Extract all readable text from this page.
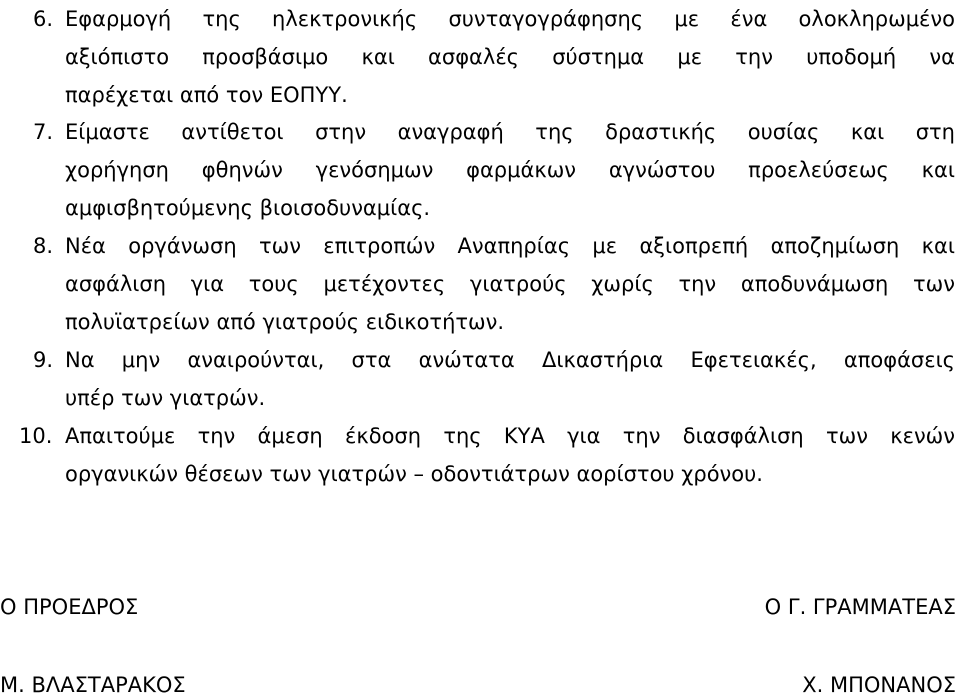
6. Εφαρμογή της ηλεκτρονικής συνταγογράφησης με ένα ολοκληρωμένο
αξιόπιστο προσβάσιμο και ασφαλές σύστημα με την υποδομή να
παρέχεται από τον ΕΟΠΥΥ.
7. Είμαστε αντίθετοι στην αναγραφή της δραστικής ουσίας και στη
χορήγηση φθηνών γενόσημων φαρμάκων αγνώστου προελεύσεως και
αμφισβητούμενης βιοισοδυναμίας.
8. Νέα οργάνωση των επιτροπών Αναπηρίας με αξιοπρεπή αποζημίωση και
ασφάλιση για τους μετέχοντες γιατρούς χωρίς την αποδυνάμωση των
πολυϊατρείων από γιατρούς ειδικοτήτων.
9. Να μην αναιρούνται, στα ανώτατα Δικαστήρια Εφετειακές, αποφάσεις
υπέρ των γιατρών.
10. Απαιτούμε την άμεση έκδοση της ΚΥΑ για την διασφάλιση των κενών
οργανικών θέσεων των γιατρών – οδοντιάτρων αορίστου χρόνου.
Ο ΠΡΟΕΔΡΟΣ	Ο Γ. ΓΡΑΜΜΑΤΕΑΣ
Μ. ΒΛΑΣΤΑΡΑΚΟΣ	Χ. ΜΠΟΝΑΝΟΣ
